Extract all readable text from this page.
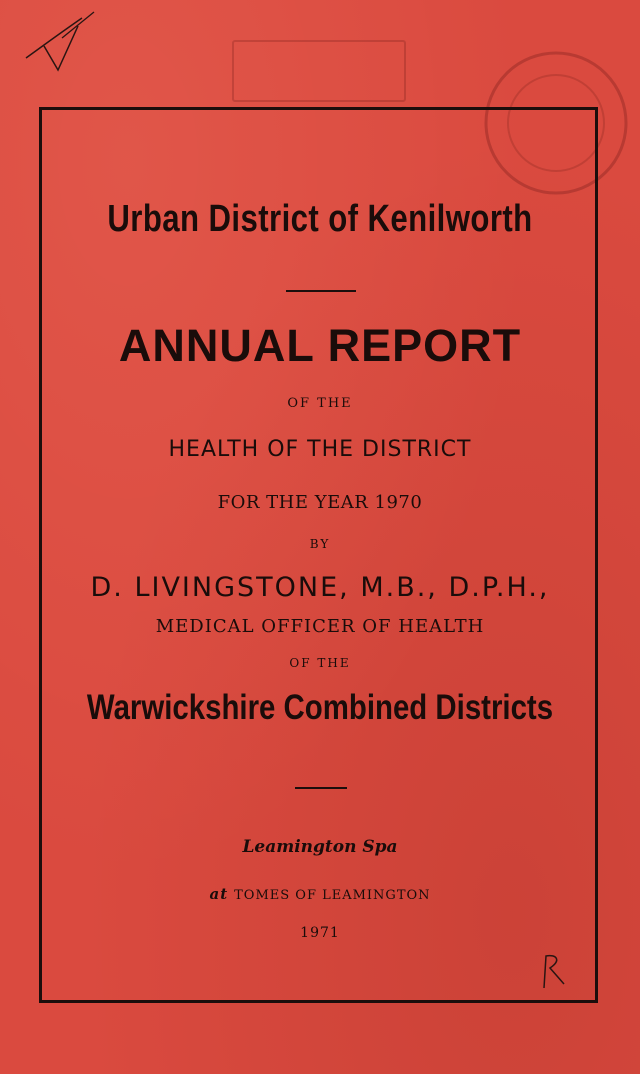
Urban District of Kenilworth
ANNUAL REPORT
OF THE
HEALTH OF THE DISTRICT
FOR THE YEAR 1970
BY
D. LIVINGSTONE, M.B., D.P.H.,
MEDICAL OFFICER OF HEALTH
OF THE
Warwickshire Combined Districts
Leamington Spa
at TOMES OF LEAMINGTON
1971
